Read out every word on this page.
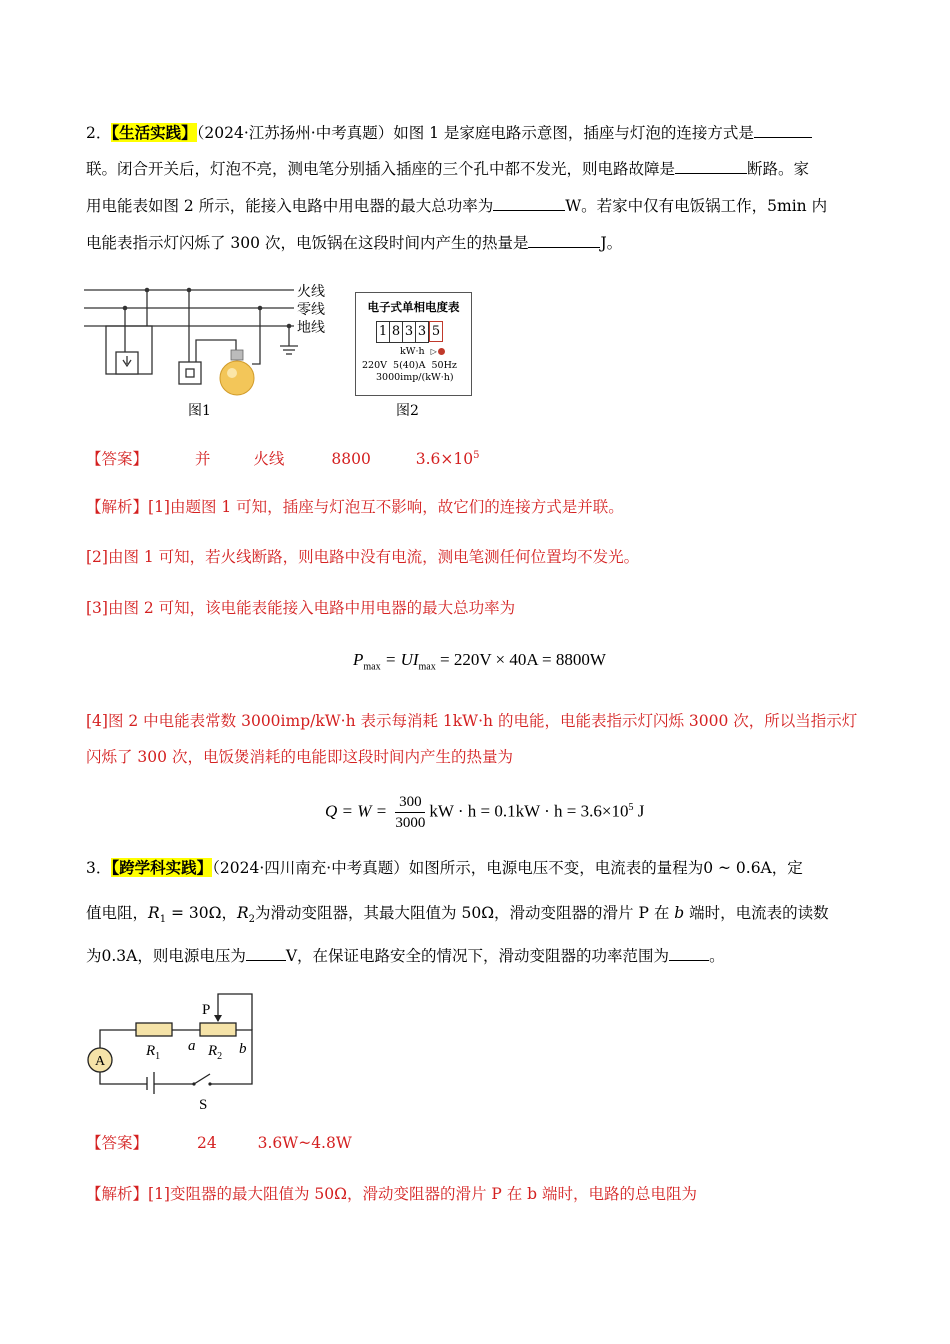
2．【生活实践】（2024·江苏扬州·中考真题）如图 1 是家庭电路示意图，插座与灯泡的连接方式是
联。闭合开关后，灯泡不亮，测电笔分别插入插座的三个孔中都不发光，则电路故障是	断路。家
用电能表如图 2 所示，能接入电路中用电器的最大总功率为	W。若家中仅有电饭锅工作，5min 内
电能表指示灯闪烁了 300 次，电饭锅在这段时间内产生的热量是	J。
火线
零线
地线
图1
电子式单相电度表
1 8 3 3 5
kW·h ▷
220V  5(40)A  50Hz
3000imp/(kW·h)
图2
【答案】	并	火线	8800	$3.6\times 10^5$
【解析】[1]由题图 1 可知，插座与灯泡互不影响，故它们的连接方式是并联。
[2]由图 1 可知，若火线断路，则电路中没有电流，测电笔测任何位置均不发光。
[3]由图 2 可知，该电能表能接入电路中用电器的最大总功率为
$P_{max} = UI_{max} = 220V \times 40A = 8800W$
[4]图 2 中电能表常数 3000imp/kW·h 表示每消耗 1kW·h 的电能，电能表指示灯闪烁 3000 次，所以当指示灯
闪烁了 300 次，电饭煲消耗的电能即这段时间内产生的热量为
$Q = W = \frac{300}{3000}$ kW · $h = 0.1kW \cdot h = 3.6\times 10^5$ J
3．【跨学科实践】（2024·四川南充·中考真题）如图所示，电源电压不变，电流表的量程为0 ~ 0.6A，定
值电阻，$R_1 = 30\Omega$，$R_2$为滑动变阻器，其最大阻值为 50Ω，滑动变阻器的滑片 P 在 b 端时，电流表的读数
为0.3A，则电源电压为	V，在保证电路安全的情况下，滑动变阻器的功率范围为	。
A
P
b
a
$R_1$	$R_2$
S
【答案】	24	3.6W~4.8W
【解析】[1]变阻器的最大阻值为 50Ω，滑动变阻器的滑片 P 在 b 端时，电路的总电阻为
